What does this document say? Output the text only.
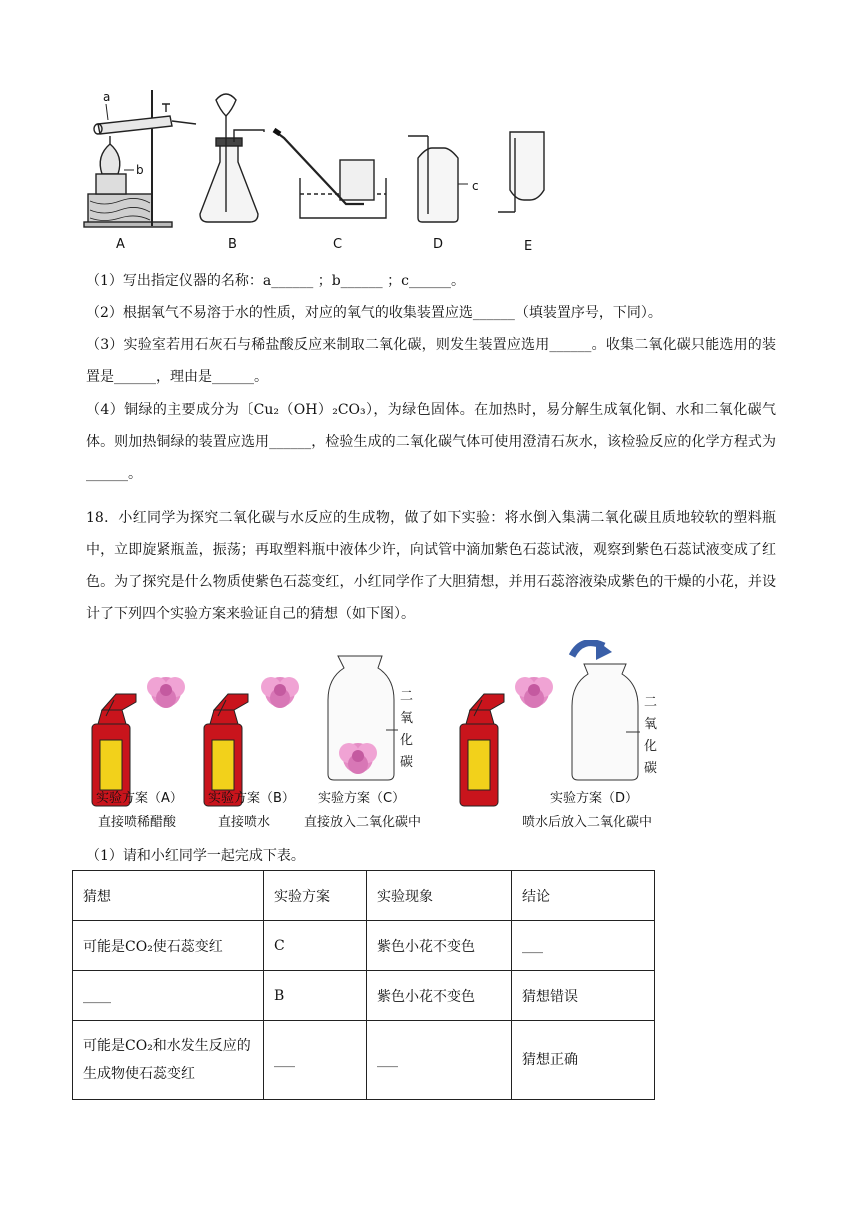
a
b
c
A	B	C	D	E
（1）写出指定仪器的名称：a______ ；b______ ；c______。
（2）根据氧气不易溶于水的性质，对应的氧气的收集装置应选______（填装置序号，下同）。
（3）实验室若用石灰石与稀盐酸反应来制取二氧化碳，则发生装置应选用______。收集二氧化碳只能选用的装置是______，理由是______。
（4）铜绿的主要成分为〔Cu₂（OH）₂CO₃），为绿色固体。在加热时，易分解生成氧化铜、水和二氧化碳气体。则加热铜绿的装置应选用______，检验生成的二氧化碳气体可使用澄清石灰水，该检验反应的化学方程式为______。
18．小红同学为探究二氧化碳与水反应的生成物，做了如下实验：将水倒入集满二氧化碳且质地较软的塑料瓶中，立即旋紧瓶盖，振荡；再取塑料瓶中液体少许，向试管中滴加紫色石蕊试液，观察到紫色石蕊试液变成了红色。为了探究是什么物质使紫色石蕊变红，小红同学作了大胆猜想，并用石蕊溶液染成紫色的干燥的小花，并设计了下列四个实验方案来验证自己的猜想（如下图）。
二
氧
化
碳
二
氧
化
碳
实验方案（A）
直接喷稀醋酸
实验方案（B）
直接喷水
实验方案（C）
直接放入二氧化碳中
实验方案（D）
喷水后放入二氧化碳中
（1）请和小红同学一起完成下表。
猜想	实验方案	实验现象	结论
可能是CO₂使石蕊变红	C	紫色小花不变色	___
____	B	紫色小花不变色	猜想错误
可能是CO₂和水发生反应的生成物使石蕊变红	___	___	猜想正确
